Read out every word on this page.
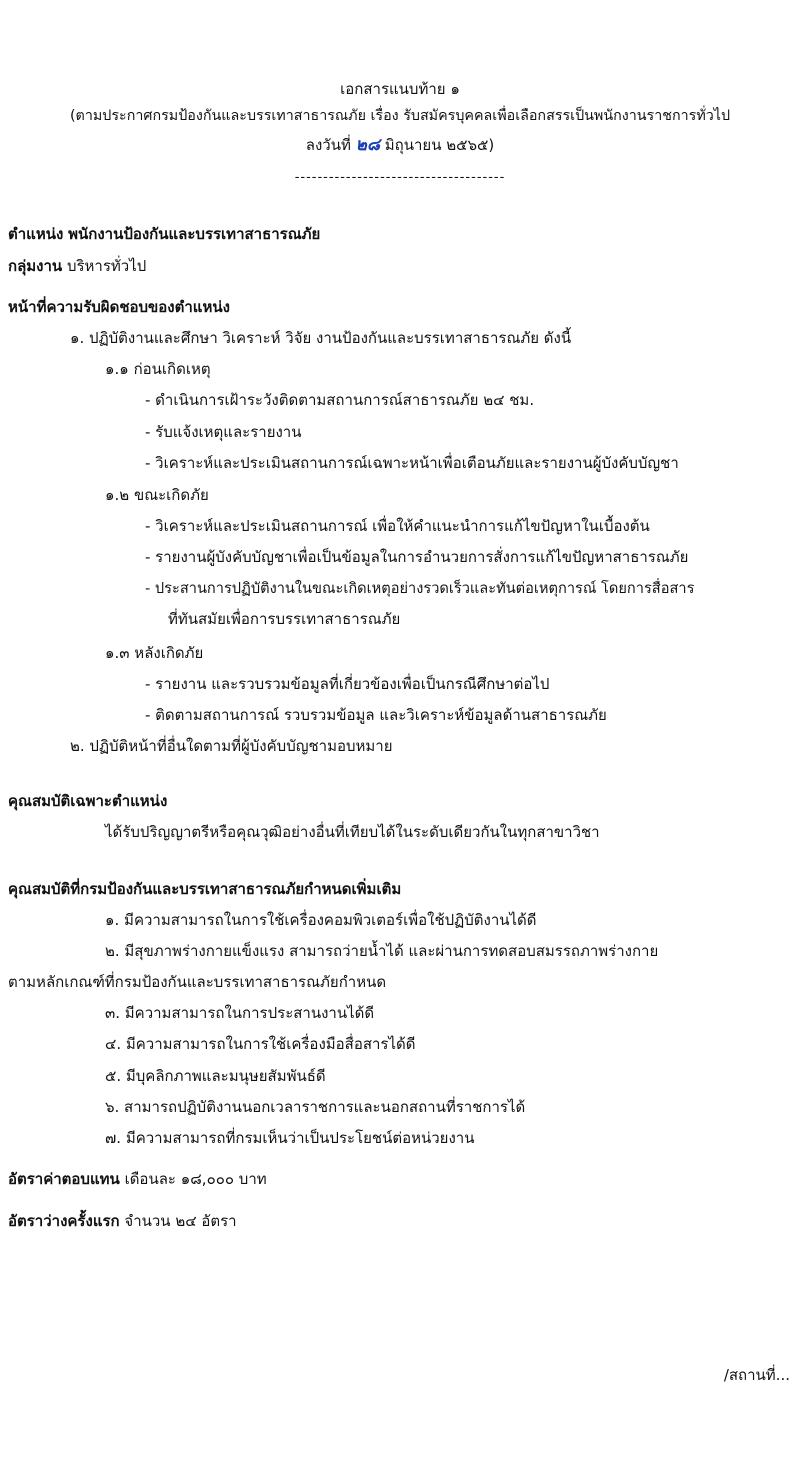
เอกสารแนบท้าย ๑
(ตามประกาศกรมป้องกันและบรรเทาสาธารณภัย เรื่อง รับสมัครบุคคลเพื่อเลือกสรรเป็นพนักงานราชการทั่วไป
ลงวันที่ ๒๘ มิถุนายน ๒๕๖๕)
-------------------------------------
ตำแหน่ง พนักงานป้องกันและบรรเทาสาธารณภัย
กลุ่มงาน บริหารทั่วไป
หน้าที่ความรับผิดชอบของตำแหน่ง
๑. ปฏิบัติงานและศึกษา วิเคราะห์ วิจัย งานป้องกันและบรรเทาสาธารณภัย ดังนี้
๑.๑ ก่อนเกิดเหตุ
- ดำเนินการเฝ้าระวังติดตามสถานการณ์สาธารณภัย ๒๔ ชม.
- รับแจ้งเหตุและรายงาน
- วิเคราะห์และประเมินสถานการณ์เฉพาะหน้าเพื่อเตือนภัยและรายงานผู้บังคับบัญชา
๑.๒ ขณะเกิดภัย
- วิเคราะห์และประเมินสถานการณ์ เพื่อให้คำแนะนำการแก้ไขปัญหาในเบื้องต้น
- รายงานผู้บังคับบัญชาเพื่อเป็นข้อมูลในการอำนวยการสั่งการแก้ไขปัญหาสาธารณภัย
- ประสานการปฏิบัติงานในขณะเกิดเหตุอย่างรวดเร็วและทันต่อเหตุการณ์ โดยการสื่อสาร
ที่ทันสมัยเพื่อการบรรเทาสาธารณภัย
๑.๓ หลังเกิดภัย
- รายงาน และรวบรวมข้อมูลที่เกี่ยวข้องเพื่อเป็นกรณีศึกษาต่อไป
- ติดตามสถานการณ์ รวบรวมข้อมูล และวิเคราะห์ข้อมูลด้านสาธารณภัย
๒. ปฏิบัติหน้าที่อื่นใดตามที่ผู้บังคับบัญชามอบหมาย
คุณสมบัติเฉพาะตำแหน่ง
ได้รับปริญญาตรีหรือคุณวุฒิอย่างอื่นที่เทียบได้ในระดับเดียวกันในทุกสาขาวิชา
คุณสมบัติที่กรมป้องกันและบรรเทาสาธารณภัยกำหนดเพิ่มเติม
๑. มีความสามารถในการใช้เครื่องคอมพิวเตอร์เพื่อใช้ปฏิบัติงานได้ดี
๒. มีสุขภาพร่างกายแข็งแรง สามารถว่ายน้ำได้ และผ่านการทดสอบสมรรถภาพร่างกาย
ตามหลักเกณฑ์ที่กรมป้องกันและบรรเทาสาธารณภัยกำหนด
๓. มีความสามารถในการประสานงานได้ดี
๔. มีความสามารถในการใช้เครื่องมือสื่อสารได้ดี
๕. มีบุคลิกภาพและมนุษยสัมพันธ์ดี
๖. สามารถปฏิบัติงานนอกเวลาราชการและนอกสถานที่ราชการได้
๗. มีความสามารถที่กรมเห็นว่าเป็นประโยชน์ต่อหน่วยงาน
อัตราค่าตอบแทน เดือนละ ๑๘,๐๐๐ บาท
อัตราว่างครั้งแรก จำนวน ๒๔ อัตรา
/สถานที่...
